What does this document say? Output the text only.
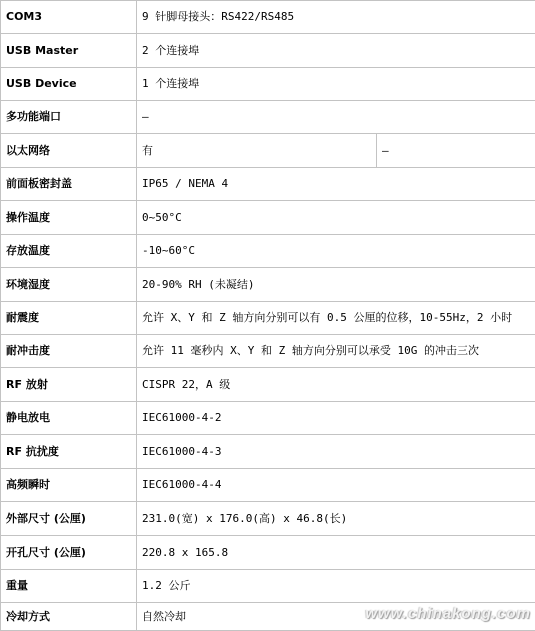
COM3	9 针脚母接头：RS422/RS485	
USB Master	2 个连接埠	
USB Device	1 个连接埠	
多功能端口	—	
以太网络	有	—
前面板密封盖	IP65 / NEMA 4	
操作温度	0~50°C	
存放温度	-10~60°C	
环境湿度	20-90% RH (未凝结)	
耐震度	允许 X、Y 和 Z 轴方向分别可以有 0.5 公厘的位移，10-55Hz，2 小时	
耐冲击度	允许 11 毫秒内 X、Y 和 Z 轴方向分别可以承受 10G 的冲击三次	
RF 放射	CISPR 22，A 级	
静电放电	IEC61000-4-2	
RF 抗扰度	IEC61000-4-3	
高频瞬时	IEC61000-4-4	
外部尺寸 (公厘)	231.0(宽) x 176.0(高) x 46.8(长)	
开孔尺寸 (公厘)	220.8 x 165.8	
重量	1.2 公斤	
冷却方式	自然冷却		www.chinakong.com
